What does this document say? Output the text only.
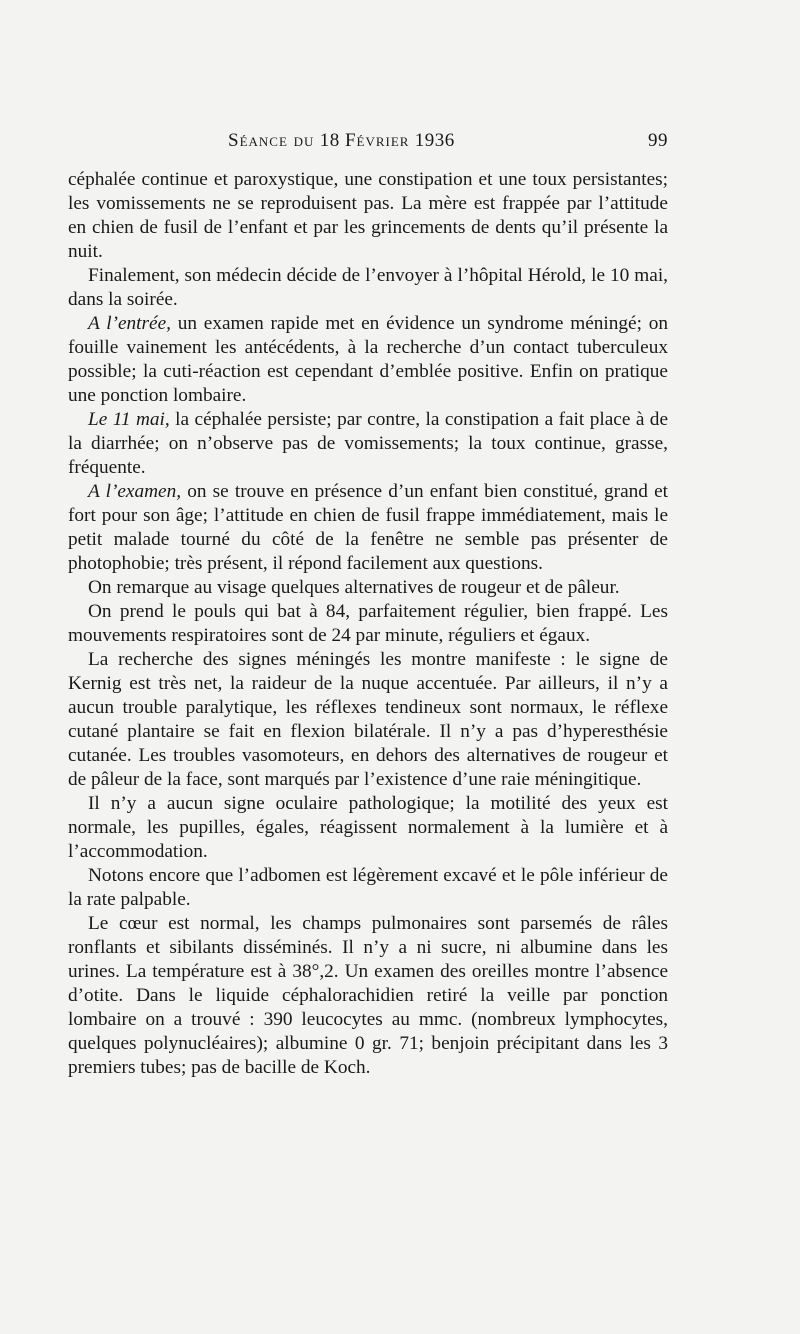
Séance du 18 Février 1936	99

céphalée continue et paroxystique, une constipation et une toux persistantes; les vomissements ne se reproduisent pas. La mère est frappée par l’attitude en chien de fusil de l’enfant et par les grincements de dents qu’il présente la nuit.

Finalement, son médecin décide de l’envoyer à l’hôpital Hérold, le 10 mai, dans la soirée.

A l’entrée, un examen rapide met en évidence un syndrome méningé; on fouille vainement les antécédents, à la recherche d’un contact tuberculeux possible; la cuti-réaction est cependant d’emblée positive. Enfin on pratique une ponction lombaire.

Le 11 mai, la céphalée persiste; par contre, la constipation a fait place à de la diarrhée; on n’observe pas de vomissements; la toux continue, grasse, fréquente.

A l’examen, on se trouve en présence d’un enfant bien constitué, grand et fort pour son âge; l’attitude en chien de fusil frappe immédiatement, mais le petit malade tourné du côté de la fenêtre ne semble pas présenter de photophobie; très présent, il répond facilement aux questions.

On remarque au visage quelques alternatives de rougeur et de pâleur.

On prend le pouls qui bat à 84, parfaitement régulier, bien frappé. Les mouvements respiratoires sont de 24 par minute, réguliers et égaux.

La recherche des signes méningés les montre manifeste : le signe de Kernig est très net, la raideur de la nuque accentuée. Par ailleurs, il n’y a aucun trouble paralytique, les réflexes tendineux sont normaux, le réflexe cutané plantaire se fait en flexion bilatérale. Il n’y a pas d’hyperesthésie cutanée. Les troubles vasomoteurs, en dehors des alternatives de rougeur et de pâleur de la face, sont marqués par l’existence d’une raie méningitique.

Il n’y a aucun signe oculaire pathologique; la motilité des yeux est normale, les pupilles, égales, réagissent normalement à la lumière et à l’accommodation.

Notons encore que l’adbomen est légèrement excavé et le pôle inférieur de la rate palpable.

Le cœur est normal, les champs pulmonaires sont parsemés de râles ronflants et sibilants disséminés. Il n’y a ni sucre, ni albumine dans les urines. La température est à 38°,2. Un examen des oreilles montre l’absence d’otite. Dans le liquide céphalorachidien retiré la veille par ponction lombaire on a trouvé : 390 leucocytes au mmc. (nombreux lymphocytes, quelques polynucléaires); albumine 0 gr. 71; benjoin précipitant dans les 3 premiers tubes; pas de bacille de Koch.
